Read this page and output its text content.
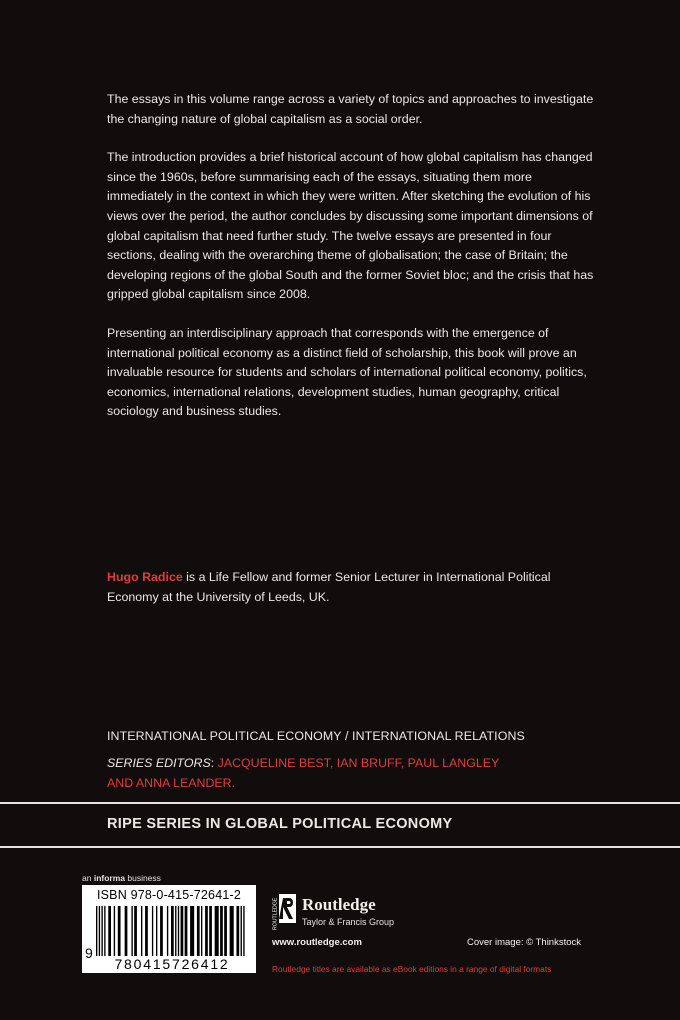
The essays in this volume range across a variety of topics and approaches to investigate the changing nature of global capitalism as a social order.

The introduction provides a brief historical account of how global capitalism has changed since the 1960s, before summarising each of the essays, situating them more immediately in the context in which they were written. After sketching the evolution of his views over the period, the author concludes by discussing some important dimensions of global capitalism that need further study. The twelve essays are presented in four sections, dealing with the overarching theme of globalisation; the case of Britain; the developing regions of the global South and the former Soviet bloc; and the crisis that has gripped global capitalism since 2008.

Presenting an interdisciplinary approach that corresponds with the emergence of international political economy as a distinct field of scholarship, this book will prove an invaluable resource for students and scholars of international political economy, politics, economics, international relations, development studies, human geography, critical sociology and business studies.

Hugo Radice is a Life Fellow and former Senior Lecturer in International Political Economy at the University of Leeds, UK.
INTERNATIONAL POLITICAL ECONOMY / INTERNATIONAL RELATIONS
SERIES EDITORS: JACQUELINE BEST, IAN BRUFF, PAUL LANGLEY AND ANNA LEANDER.
RIPE SERIES IN GLOBAL POLITICAL ECONOMY
an informa business
ISBN 978-0-415-72641-2
9
780415726412
ROUTLEDGE Routledge
Taylor & Francis Group
www.routledge.com	Cover image: © Thinkstock
Routledge titles are available as eBook editions in a range of digital formats
